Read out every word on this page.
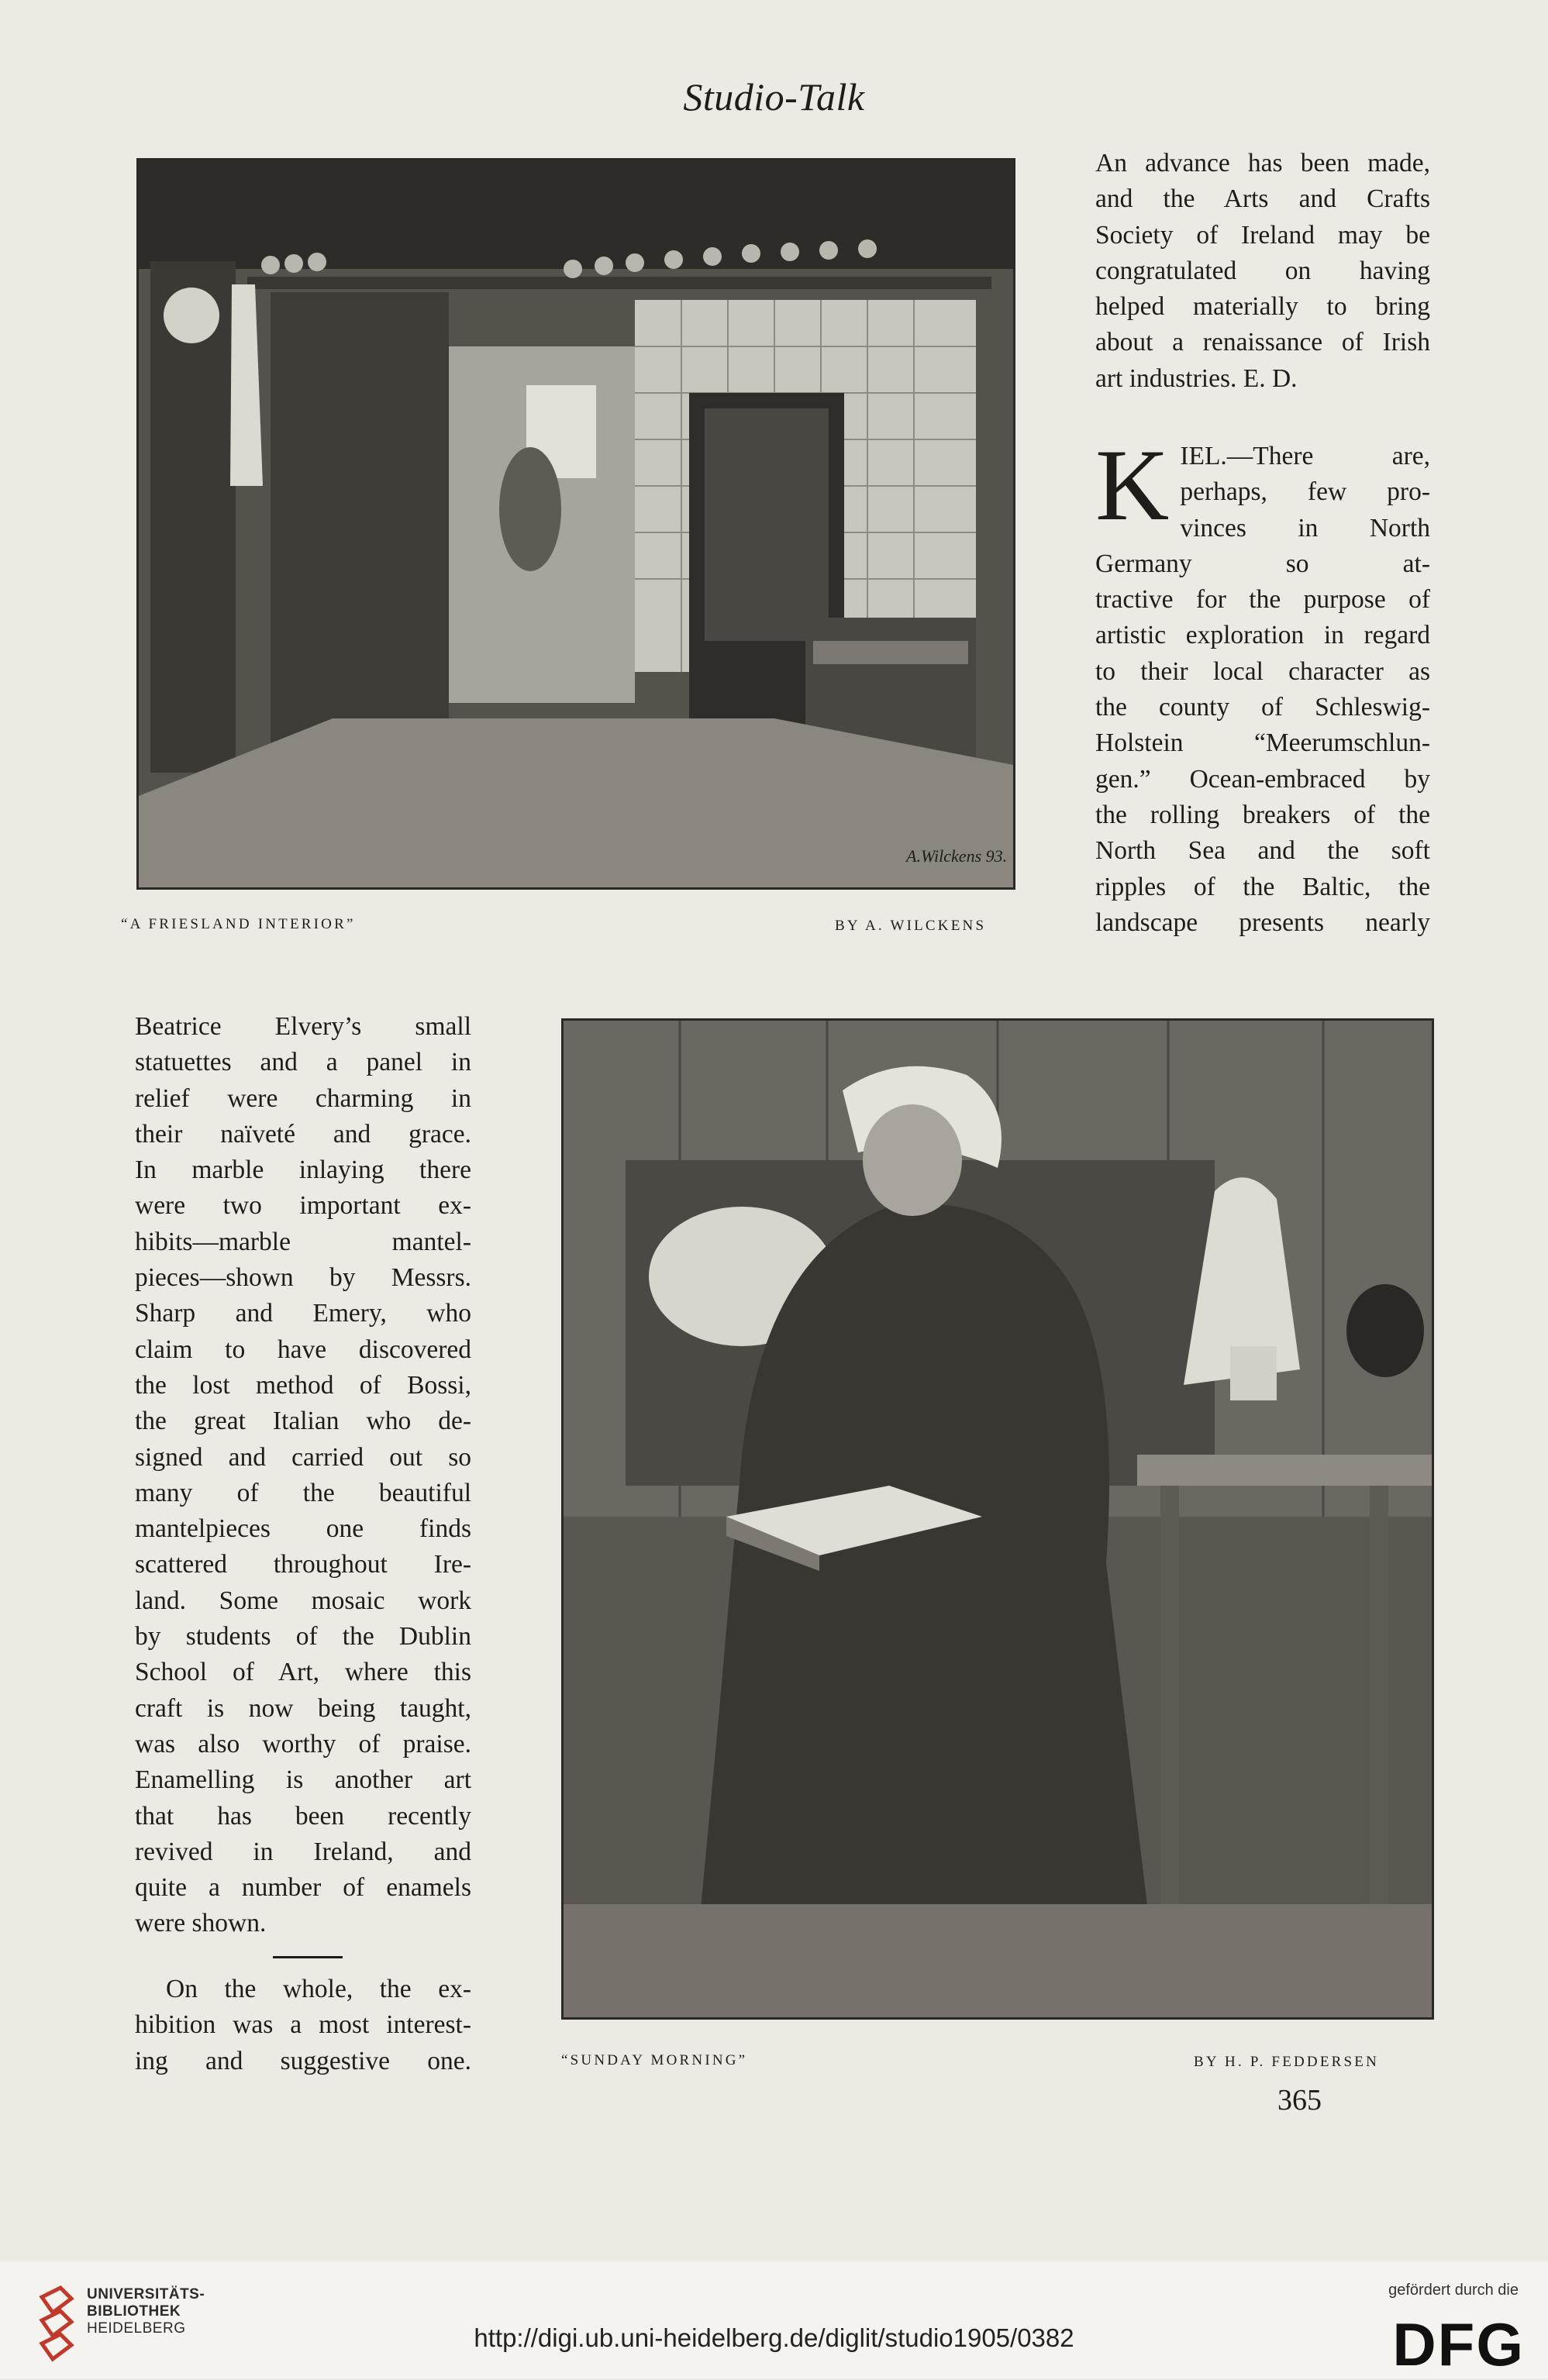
Studio-Talk
A.Wilckens 93.
“A FRIESLAND INTERIOR”	BY A. WILCKENS
An advance has been made,
and the Arts and Crafts
Society of Ireland may be
congratulated on having
helped materially to bring
about a renaissance of Irish
art industries. E. D.
K IEL.—There are,
perhaps, few pro-
vinces in North
Germany so at-
tractive for the purpose of
artistic exploration in regard
to their local character as
the county of Schleswig-
Holstein “Meerumschlun-
gen.” Ocean-embraced by
the rolling breakers of the
North Sea and the soft
ripples of the Baltic, the
landscape presents nearly
Beatrice Elvery’s small
statuettes and a panel in
relief were charming in
their naïveté and grace.
In marble inlaying there
were two important ex-
hibits—marble mantel-
pieces—shown by Messrs.
Sharp and Emery, who
claim to have discovered
the lost method of Bossi,
the great Italian who de-
signed and carried out so
many of the beautiful
mantelpieces one finds
scattered throughout Ire-
land. Some mosaic work
by students of the Dublin
School of Art, where this
craft is now being taught,
was also worthy of praise.
Enamelling is another art
that has been recently
revived in Ireland, and
quite a number of enamels
were shown.
On the whole, the ex-
hibition was a most interest-
ing and suggestive one.	“SUNDAY MORNING”	BY H. P. FEDDERSEN
365
UNIVERSITÄTS-
BIBLIOTHEK
HEIDELBERG	http://digi.ub.uni-heidelberg.de/diglit/studio1905/0382
gefördert durch die
DFG
